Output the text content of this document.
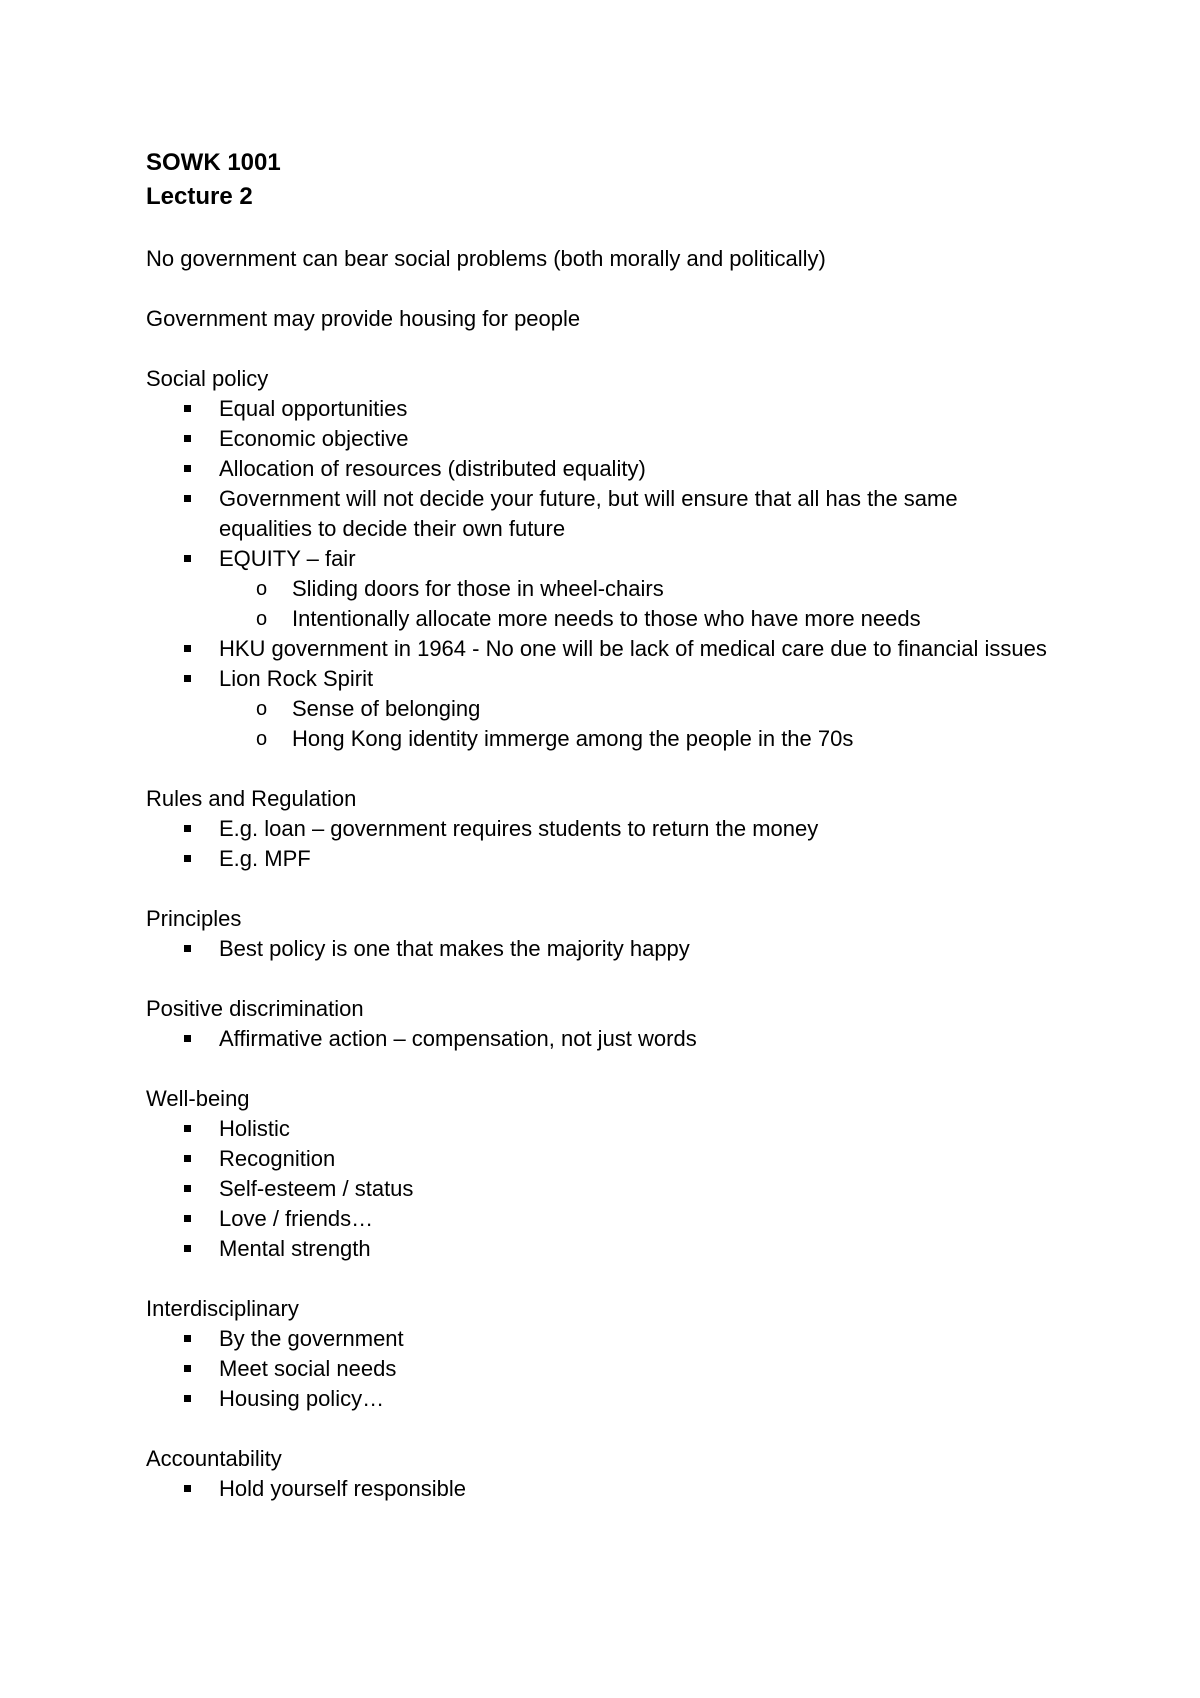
SOWK 1001

Lecture 2

No government can bear social problems (both morally and politically)

Government may provide housing for people

Social policy

Equal opportunities
Economic objective
Allocation of resources (distributed equality)
Government will not decide your future, but will ensure that all has the same
equalities to decide their own future
EQUITY – fair
o Sliding doors for those in wheel-chairs
o Intentionally allocate more needs to those who have more needs
HKU government in 1964 - No one will be lack of medical care due to financial issues
Lion Rock Spirit
o Sense of belonging
o Hong Kong identity immerge among the people in the 70s

Rules and Regulation

E.g. loan – government requires students to return the money
E.g. MPF

Principles

Best policy is one that makes the majority happy

Positive discrimination

Affirmative action – compensation, not just words

Well-being

Holistic
Recognition
Self-esteem / status
Love / friends…
Mental strength

Interdisciplinary

By the government
Meet social needs
Housing policy…

Accountability

Hold yourself responsible
